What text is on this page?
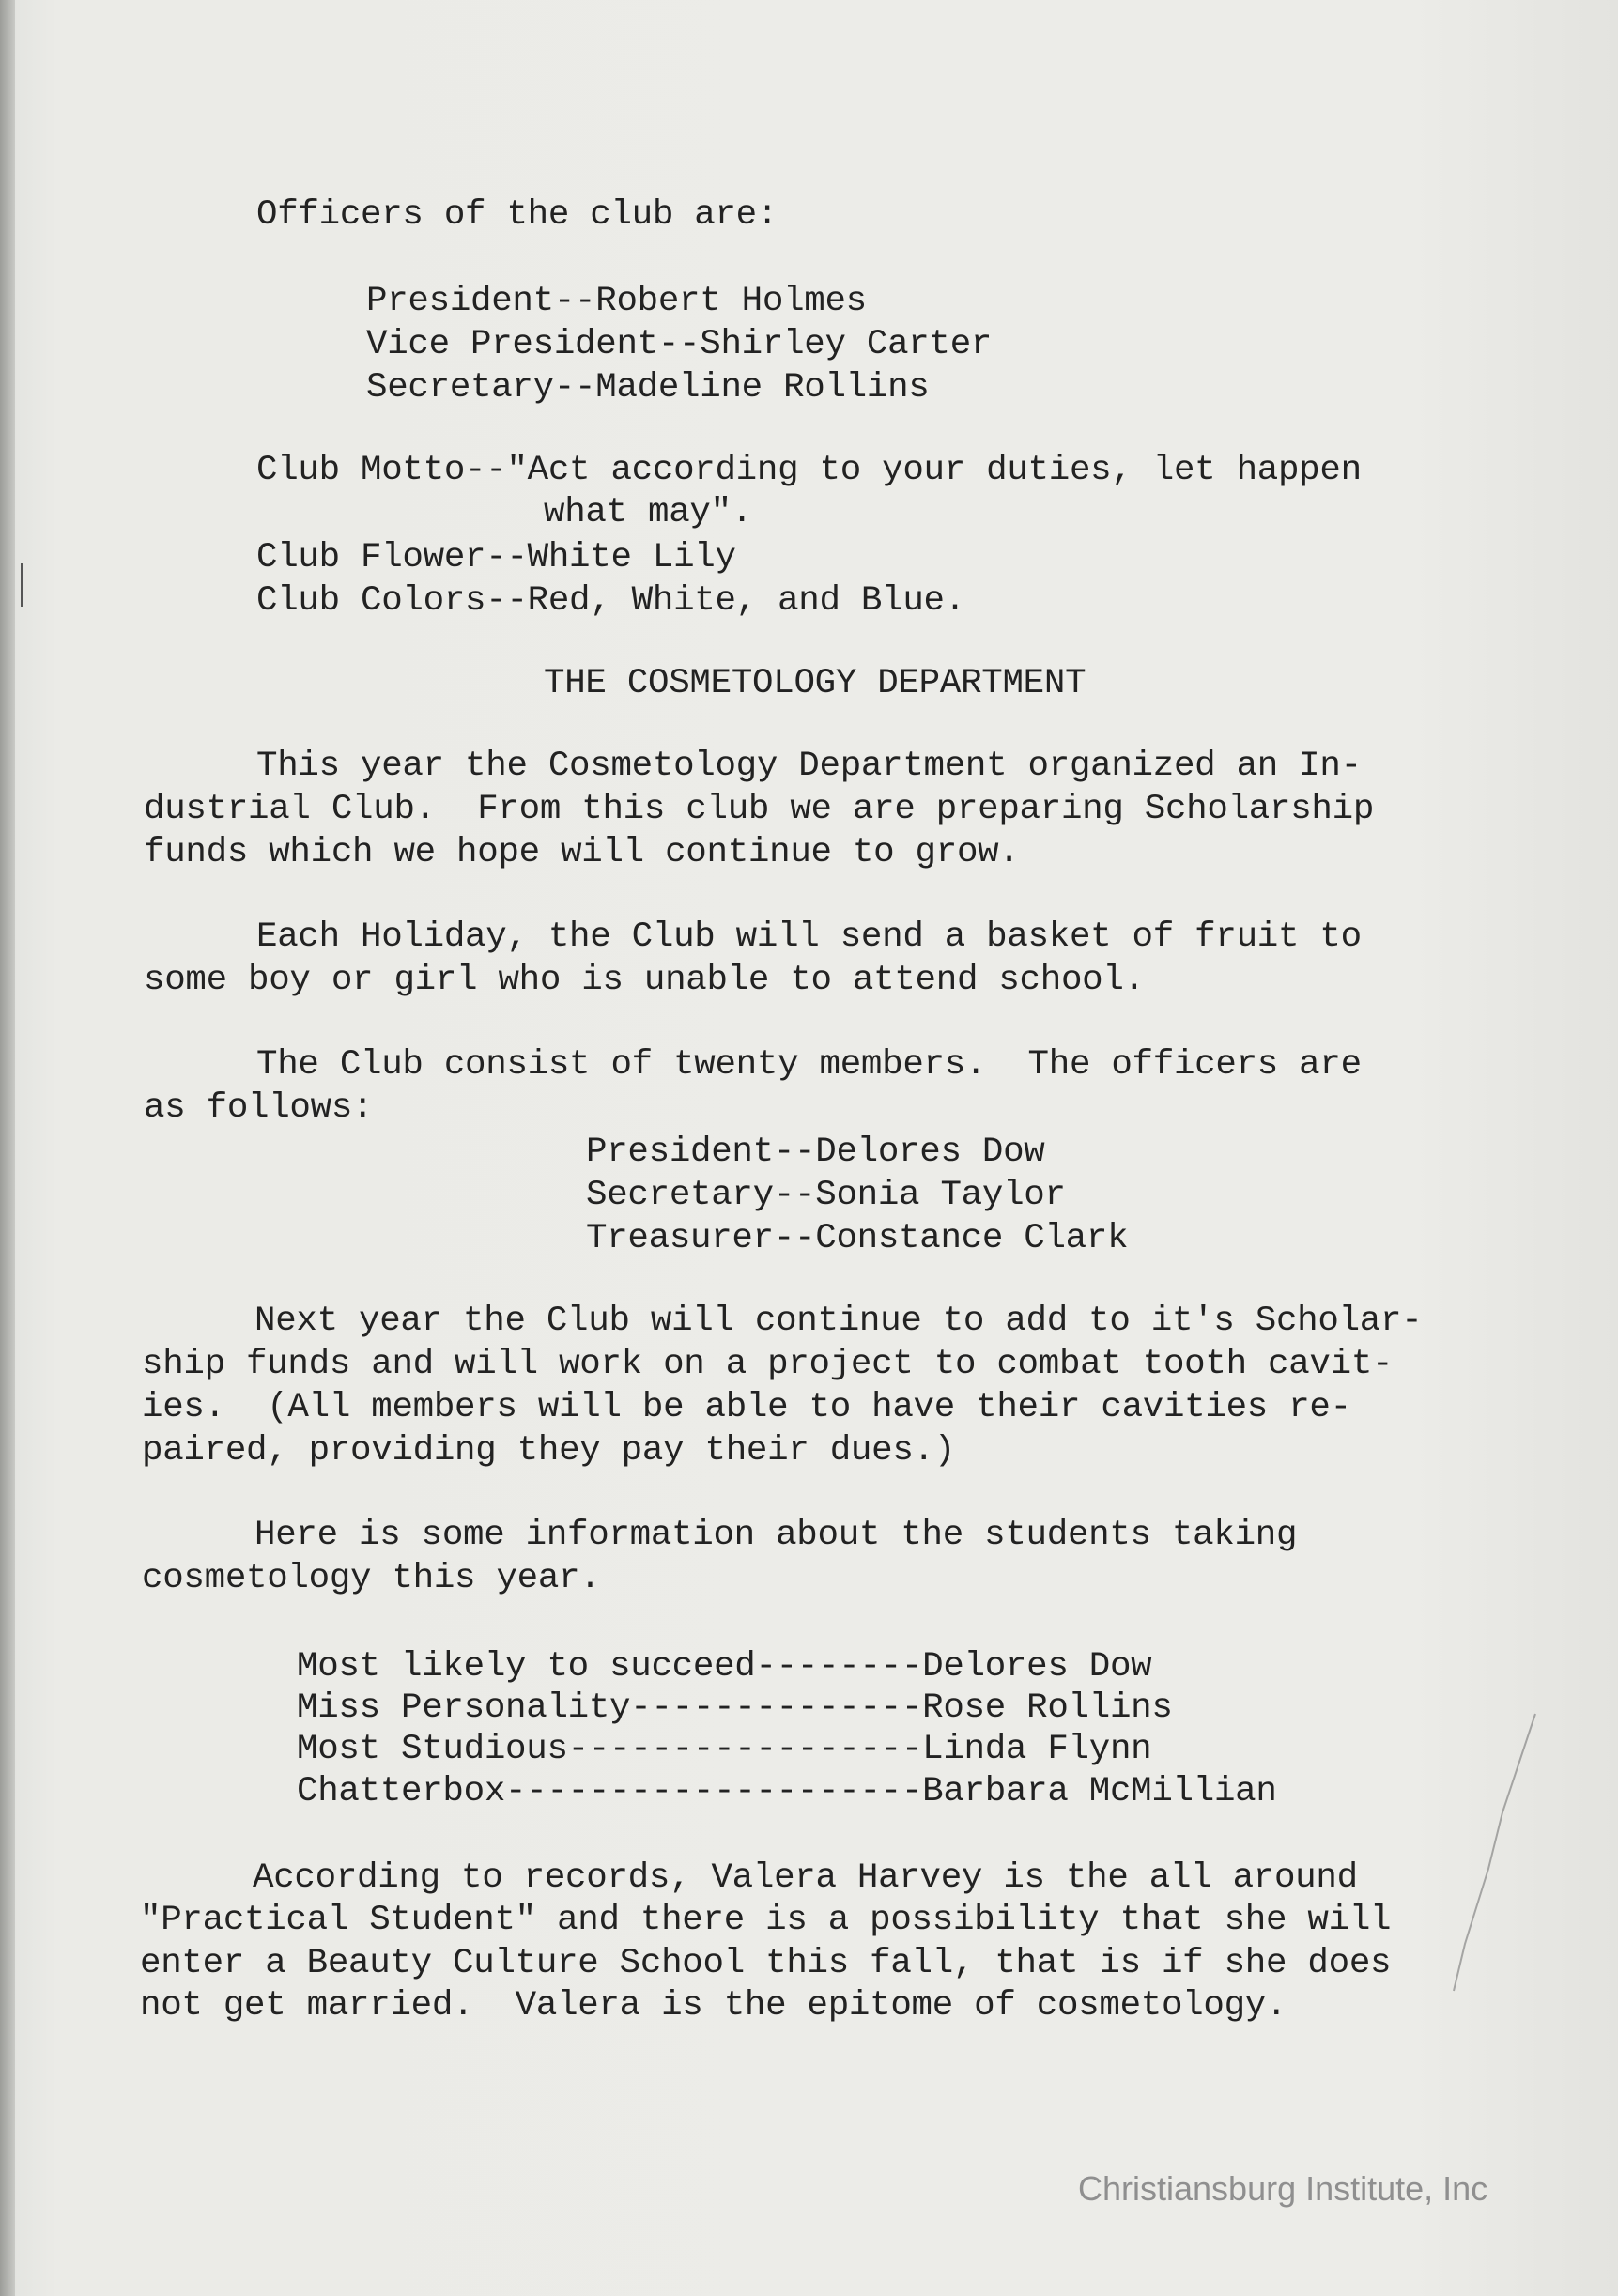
Officers of the club are:

President--Robert Holmes

Vice President--Shirley Carter

Secretary--Madeline Rollins

Club Motto--"Act according to your duties, let happen

what may".

Club Flower--White Lily

Club Colors--Red, White, and Blue.

THE COSMETOLOGY DEPARTMENT

This year the Cosmetology Department organized an In-

dustrial Club.  From this club we are preparing Scholarship

funds which we hope will continue to grow.

Each Holiday, the Club will send a basket of fruit to

some boy or girl who is unable to attend school.

The Club consist of twenty members.  The officers are

as follows:

President--Delores Dow

Secretary--Sonia Taylor

Treasurer--Constance Clark

Next year the Club will continue to add to it's Scholar-

ship funds and will work on a project to combat tooth cavit-

ies.  (All members will be able to have their cavities re-

paired, providing they pay their dues.)

Here is some information about the students taking

cosmetology this year.

Most likely to succeed--------Delores Dow

Miss Personality--------------Rose Rollins

Most Studious-----------------Linda Flynn

Chatterbox--------------------Barbara McMillian

According to records, Valera Harvey is the all around

"Practical Student" and there is a possibility that she will

enter a Beauty Culture School this fall, that is if she does

not get married.  Valera is the epitome of cosmetology.

Christiansburg Institute, Inc
